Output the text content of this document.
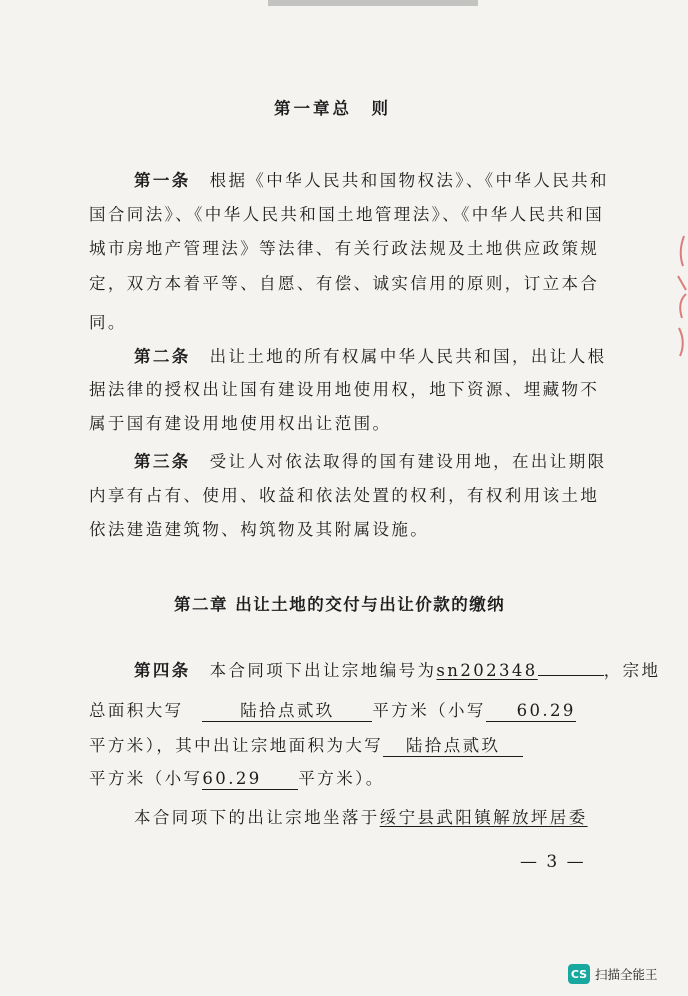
第一章总　则
第一条  根据《中华人民共和国物权法》、《中华人民共和
国合同法》、《中华人民共和国土地管理法》、《中华人民共和国
城市房地产管理法》等法律、有关行政法规及土地供应政策规
定，双方本着平等、自愿、有偿、诚实信用的原则，订立本合
同。
第二条  出让土地的所有权属中华人民共和国，出让人根
据法律的授权出让国有建设用地使用权，地下资源、埋藏物不
属于国有建设用地使用权出让范围。
第三条  受让人对依法取得的国有建设用地，在出让期限
内享有占有、使用、收益和依法处置的权利，有权利用该土地
依法建造建筑物、构筑物及其附属设施。
第二章 出让土地的交付与出让价款的缴纳
第四条  本合同项下出让宗地编号为sn202348	，宗地
总面积大写 	陆拾点贰玖 平方米（小写 60.29
平方米），其中出让宗地面积为大写 陆拾点贰玖
平方米（小写60.29 平方米）。
本合同项下的出让宗地坐落于绥宁县武阳镇解放坪居委
— 3 —
CS 扫描全能王
